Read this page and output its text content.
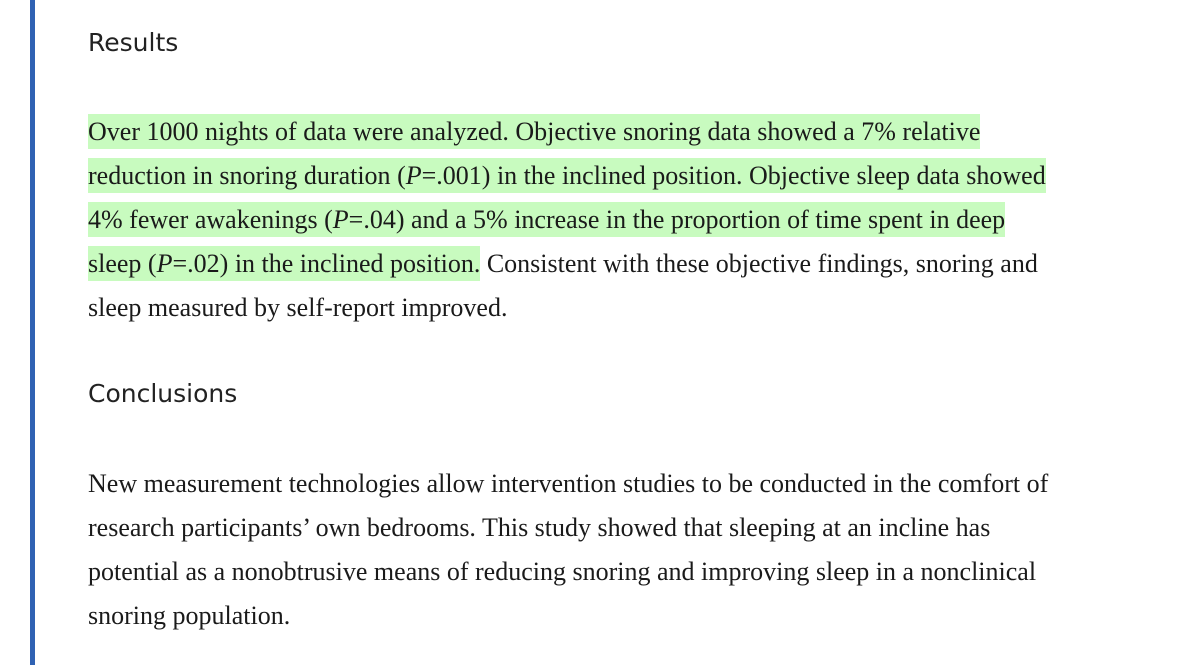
Results
Over 1000 nights of data were analyzed. Objective snoring data showed a 7% relative
reduction in snoring duration (P=.001) in the inclined position. Objective sleep data showed
4% fewer awakenings (P=.04) and a 5% increase in the proportion of time spent in deep
sleep (P=.02) in the inclined position. Consistent with these objective findings, snoring and
sleep measured by self-report improved.
Conclusions
New measurement technologies allow intervention studies to be conducted in the comfort of
research participants’ own bedrooms. This study showed that sleeping at an incline has
potential as a nonobtrusive means of reducing snoring and improving sleep in a nonclinical
snoring population.
